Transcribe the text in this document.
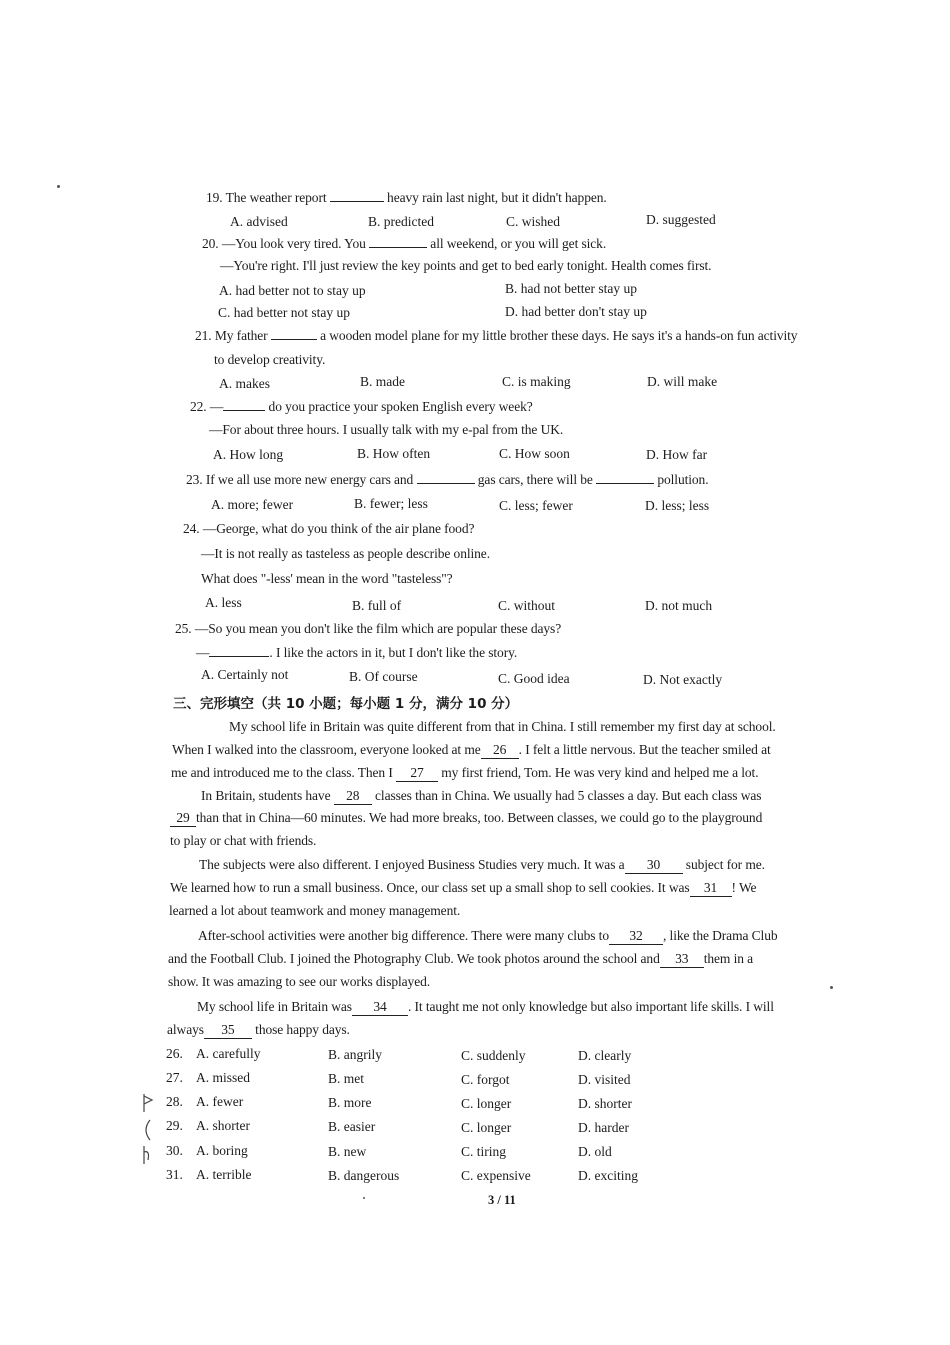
19. The weather report	heavy rain last night, but it didn't happen.
A. advised	B. predicted	C. wished	D. suggested
20. —You look very tired. You	all weekend, or you will get sick.
—You're right. I'll just review the key points and get to bed early tonight. Health comes first.
A. had better not to stay up	B. had not better stay up
C. had better not stay up	D. had better don't stay up
21. My father	a wooden model plane for my little brother these days. He says it's a hands-on fun activity
to develop creativity.
A. makes	B. made	C. is making	D. will make
22. —	do you practice your spoken English every week?
—For about three hours. I usually talk with my e-pal from the UK.
A. How long	B. How often	C. How soon	D. How far
23. If we all use more new energy cars and	gas cars, there will be	pollution.
A. more; fewer	B. fewer; less	C. less; fewer	D. less; less
24. —George, what do you think of the air plane food?
—It is not really as tasteless as people describe online.
What does "-less' mean in the word "tasteless"?
A. less	B. full of	C. without	D. not much
25. —So you mean you don't like the film which are popular these days?
—	. I like the actors in it, but I don't like the story.
A. Certainly not	B. Of course	C. Good idea	D. Not exactly
三、完形填空（共 10 小题；每小题 1 分，满分 10 分）
My school life in Britain was quite different from that in China. I still remember my first day at school.
When I walked into the classroom, everyone looked at me 26 . I felt a little nervous. But the teacher smiled at
me and introduced me to the class. Then I 27 my first friend, Tom. He was very kind and helped me a lot.
In Britain, students have 28 classes than in China. We usually had 5 classes a day. But each class was
29 than that in China—60 minutes. We had more breaks, too. Between classes, we could go to the playground
to play or chat with friends.
The subjects were also different. I enjoyed Business Studies very much. It was a 30 subject for me.
We learned how to run a small business. Once, our class set up a small shop to sell cookies. It was 31 ! We
learned a lot about teamwork and money management.
After-school activities were another big difference. There were many clubs to 32 , like the Drama Club
and the Football Club. I joined the Photography Club. We took photos around the school and 33 them in a
show. It was amazing to see our works displayed.
My school life in Britain was 34 . It taught me not only knowledge but also important life skills. I will
always 35 those happy days.
26. A. carefully	B. angrily	C. suddenly	D. clearly
27. A. missed	B. met	C. forgot	D. visited
28. A. fewer	B. more	C. longer	D. shorter
29. A. shorter	B. easier	C. longer	D. harder
30. A. boring	B. new	C. tiring	D. old
31. A. terrible	B. dangerous	C. expensive	D. exciting
3 / 11
